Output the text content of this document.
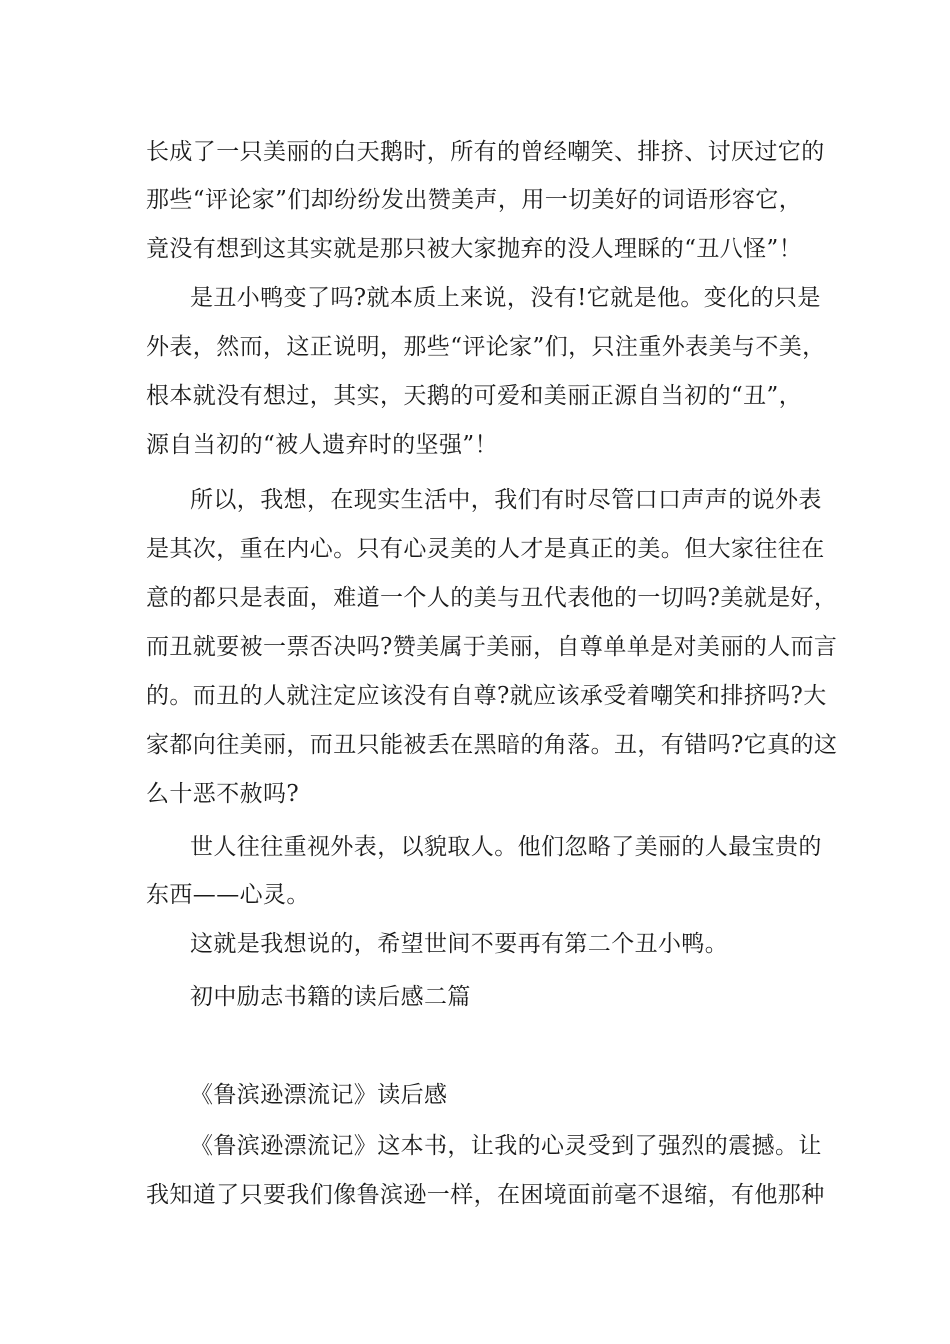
长成了一只美丽的白天鹅时，所有的曾经嘲笑、排挤、讨厌过它的
那些“评论家”们却纷纷发出赞美声，用一切美好的词语形容它，
竟没有想到这其实就是那只被大家抛弃的没人理睬的“丑八怪”！
是丑小鸭变了吗?就本质上来说，没有!它就是他。变化的只是
外表，然而，这正说明，那些“评论家”们，只注重外表美与不美，
根本就没有想过，其实，天鹅的可爱和美丽正源自当初的“丑”，
源自当初的“被人遗弃时的坚强”！
所以，我想，在现实生活中，我们有时尽管口口声声的说外表
是其次，重在内心。只有心灵美的人才是真正的美。但大家往往在
意的都只是表面，难道一个人的美与丑代表他的一切吗?美就是好，
而丑就要被一票否决吗?赞美属于美丽，自尊单单是对美丽的人而言
的。而丑的人就注定应该没有自尊?就应该承受着嘲笑和排挤吗?大
家都向往美丽，而丑只能被丢在黑暗的角落。丑，有错吗?它真的这
么十恶不赦吗?
世人往往重视外表，以貌取人。他们忽略了美丽的人最宝贵的
东西——心灵。
这就是我想说的，希望世间不要再有第二个丑小鸭。
初中励志书籍的读后感二篇
《鲁滨逊漂流记》读后感
《鲁滨逊漂流记》这本书，让我的心灵受到了强烈的震撼。让
我知道了只要我们像鲁滨逊一样，在困境面前毫不退缩，有他那种
